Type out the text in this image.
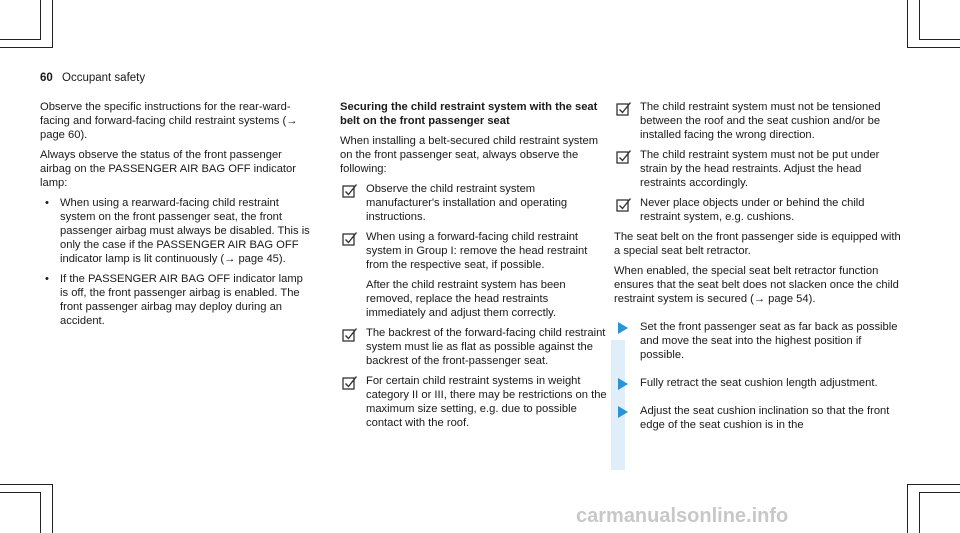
60 Occupant safety

Observe the specific instructions for the rear-ward-facing and forward-facing child restraint systems (→ page 60).

Always observe the status of the front passenger airbag on the PASSENGER AIR BAG OFF indicator lamp:

• When using a rearward-facing child restraint system on the front passenger seat, the front passenger airbag must always be disabled. This is only the case if the PASSENGER AIR BAG OFF indicator lamp is lit continuously (→ page 45).
• If the PASSENGER AIR BAG OFF indicator lamp is off, the front passenger airbag is enabled. The front passenger airbag may deploy during an accident.
Securing the child restraint system with the seat belt on the front passenger seat

When installing a belt-secured child restraint system on the front passenger seat, always observe the following:

Observe the child restraint system manufacturer's installation and operating instructions.
When using a forward-facing child restraint system in Group I: remove the head restraint from the respective seat, if possible.
After the child restraint system has been removed, replace the head restraints immediately and adjust them correctly.
The backrest of the forward-facing child restraint system must lie as flat as possible against the backrest of the front-passenger seat.
For certain child restraint systems in weight category II or III, there may be restrictions on the maximum size setting, e.g. due to possible contact with the roof.
The child restraint system must not be tensioned between the roof and the seat cushion and/or be installed facing the wrong direction.
The child restraint system must not be put under strain by the head restraints. Adjust the head restraints accordingly.
Never place objects under or behind the child restraint system, e.g. cushions.

The seat belt on the front passenger side is equipped with a special seat belt retractor.

When enabled, the special seat belt retractor function ensures that the seat belt does not slacken once the child restraint system is secured (→ page 54).

Set the front passenger seat as far back as possible and move the seat into the highest position if possible.
Fully retract the seat cushion length adjustment.
Adjust the seat cushion inclination so that the front edge of the seat cushion is in the
carmanualsonline.info
